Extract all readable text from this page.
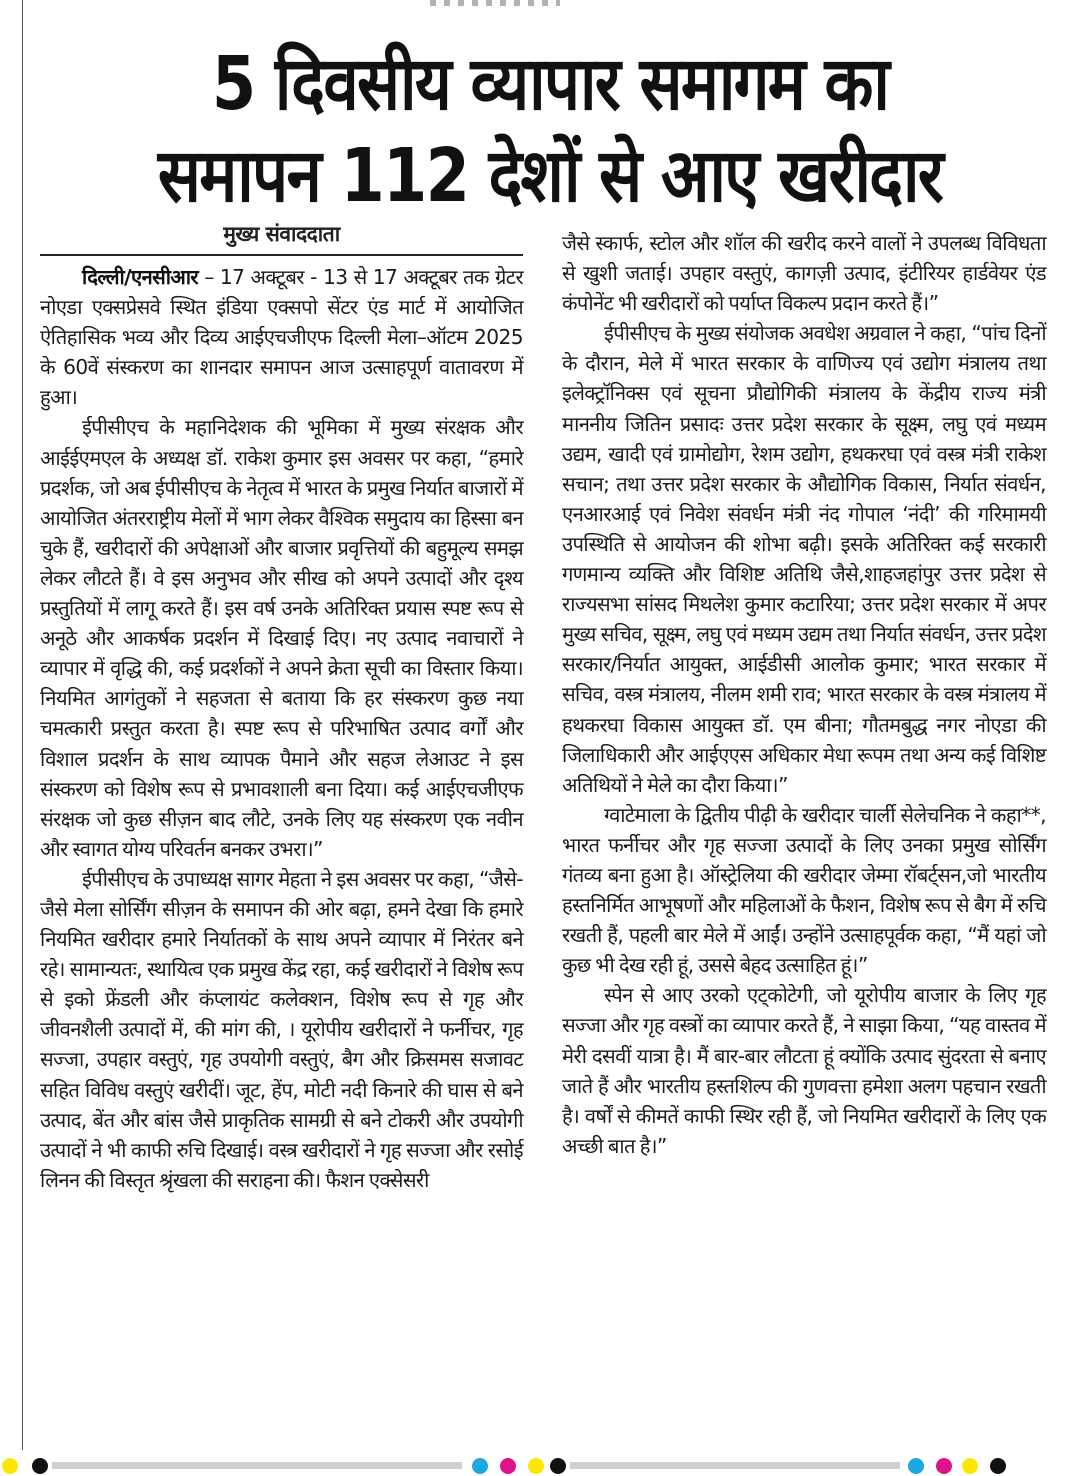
5 दिवसीय व्यापार समागम का
समापन 112 देशों से आए खरीदार
मुख्य संवाददाता

दिल्ली/एनसीआर – 17 अक्टूबर - 13 से 17 अक्टूबर तक ग्रेटर नोएडा एक्सप्रेसवे स्थित इंडिया एक्सपो सेंटर एंड मार्ट में आयोजित ऐतिहासिक भव्य और दिव्य आईएचजीएफ दिल्ली मेला–ऑटम 2025 के 60वें संस्करण का शानदार समापन आज उत्साहपूर्ण वातावरण में हुआ।

ईपीसीएच के महानिदेशक की भूमिका में मुख्य संरक्षक और आईईएमएल के अध्यक्ष डॉ. राकेश कुमार इस अवसर पर कहा, “हमारे प्रदर्शक, जो अब ईपीसीएच के नेतृत्व में भारत के प्रमुख निर्यात बाजारों में आयोजित अंतरराष्ट्रीय मेलों में भाग लेकर वैश्विक समुदाय का हिस्सा बन चुके हैं, खरीदारों की अपेक्षाओं और बाजार प्रवृत्तियों की बहुमूल्य समझ लेकर लौटते हैं। वे इस अनुभव और सीख को अपने उत्पादों और दृश्य प्रस्तुतियों में लागू करते हैं। इस वर्ष उनके अतिरिक्त प्रयास स्पष्ट रूप से अनूठे और आकर्षक प्रदर्शन में दिखाई दिए। नए उत्पाद नवाचारों ने व्यापार में वृद्धि की, कई प्रदर्शकों ने अपने क्रेता सूची का विस्तार किया। नियमित आगंतुकों ने सहजता से बताया कि हर संस्करण कुछ नया चमत्कारी प्रस्तुत करता है। स्पष्ट रूप से परिभाषित उत्पाद वर्गों और विशाल प्रदर्शन के साथ व्यापक पैमाने और सहज लेआउट ने इस संस्करण को विशेष रूप से प्रभावशाली बना दिया। कई आईएचजीएफ संरक्षक जो कुछ सीज़न बाद लौटे, उनके लिए यह संस्करण एक नवीन और स्वागत योग्य परिवर्तन बनकर उभरा।”

ईपीसीएच के उपाध्यक्ष सागर मेहता ने इस अवसर पर कहा, “जैसे-जैसे मेला सोर्सिंग सीज़न के समापन की ओर बढ़ा, हमने देखा कि हमारे नियमित खरीदार हमारे निर्यातकों के साथ अपने व्यापार में निरंतर बने रहे। सामान्यतः, स्थायित्व एक प्रमुख केंद्र रहा, कई खरीदारों ने विशेष रूप से इको फ्रेंडली और कंप्लायंट कलेक्शन, विशेष रूप से गृह और जीवनशैली उत्पादों में, की मांग की, । यूरोपीय खरीदारों ने फर्नीचर, गृह सज्जा, उपहार वस्तुएं, गृह उपयोगी वस्तुएं, बैग और क्रिसमस सजावट सहित विविध वस्तुएं खरीदीं। जूट, हेंप, मोटी नदी किनारे की घास से बने उत्पाद, बेंत और बांस जैसे प्राकृतिक सामग्री से बने टोकरी और उपयोगी उत्पादों ने भी काफी रुचि दिखाई। वस्त्र खरीदारों ने गृह सज्जा और रसोई लिनन की विस्तृत श्रृंखला की सराहना की। फैशन एक्सेसरी

जैसे स्कार्फ, स्टोल और शॉल की खरीद करने वालों ने उपलब्ध विविधता से खुशी जताई। उपहार वस्तुएं, कागज़ी उत्पाद, इंटीरियर हार्डवेयर एंड कंपोनेंट भी खरीदारों को पर्याप्त विकल्प प्रदान करते हैं।”

ईपीसीएच के मुख्य संयोजक अवधेश अग्रवाल ने कहा, “पांच दिनों के दौरान, मेले में भारत सरकार के वाणिज्य एवं उद्योग मंत्रालय तथा इलेक्ट्रॉनिक्स एवं सूचना प्रौद्योगिकी मंत्रालय के केंद्रीय राज्य मंत्री माननीय जितिन प्रसादः उत्तर प्रदेश सरकार के सूक्ष्म, लघु एवं मध्यम उद्यम, खादी एवं ग्रामोद्योग, रेशम उद्योग, हथकरघा एवं वस्त्र मंत्री राकेश सचान; तथा उत्तर प्रदेश सरकार के औद्योगिक विकास, निर्यात संवर्धन, एनआरआई एवं निवेश संवर्धन मंत्री नंद गोपाल ‘नंदी’ की गरिमामयी उपस्थिति से आयोजन की शोभा बढ़ी। इसके अतिरिक्त कई सरकारी गणमान्य व्यक्ति और विशिष्ट अतिथि जैसे,शाहजहांपुर उत्तर प्रदेश से राज्यसभा सांसद मिथलेश कुमार कटारिया; उत्तर प्रदेश सरकार में अपर मुख्य सचिव, सूक्ष्म, लघु एवं मध्यम उद्यम तथा निर्यात संवर्धन, उत्तर प्रदेश सरकार/निर्यात आयुक्त, आईडीसी आलोक कुमार; भारत सरकार में सचिव, वस्त्र मंत्रालय, नीलम शमी राव; भारत सरकार के वस्त्र मंत्रालय में हथकरघा विकास आयुक्त डॉ. एम बीना; गौतमबुद्ध नगर नोएडा की जिलाधिकारी और आईएएस अधिकार मेधा रूपम तथा अन्य कई विशिष्ट अतिथियों ने मेले का दौरा किया।”

ग्वाटेमाला के द्वितीय पीढ़ी के खरीदार चार्ली सेलेचनिक ने कहा**, भारत फर्नीचर और गृह सज्जा उत्पादों के लिए उनका प्रमुख सोर्सिंग गंतव्य बना हुआ है। ऑस्ट्रेलिया की खरीदार जेम्मा रॉबर्ट्सन,जो भारतीय हस्तनिर्मित आभूषणों और महिलाओं के फैशन, विशेष रूप से बैग में रुचि रखती हैं, पहली बार मेले में आईं। उन्होंने उत्साहपूर्वक कहा, “मैं यहां जो कुछ भी देख रही हूं, उससे बेहद उत्साहित हूं।”

स्पेन से आए उरको एट्कोटेगी, जो यूरोपीय बाजार के लिए गृह सज्जा और गृह वस्त्रों का व्यापार करते हैं, ने साझा किया, “यह वास्तव में मेरी दसवीं यात्रा है। मैं बार-बार लौटता हूं क्योंकि उत्पाद सुंदरता से बनाए जाते हैं और भारतीय हस्तशिल्प की गुणवत्ता हमेशा अलग पहचान रखती है। वर्षों से कीमतें काफी स्थिर रही हैं, जो नियमित खरीदारों के लिए एक अच्छी बात है।”
